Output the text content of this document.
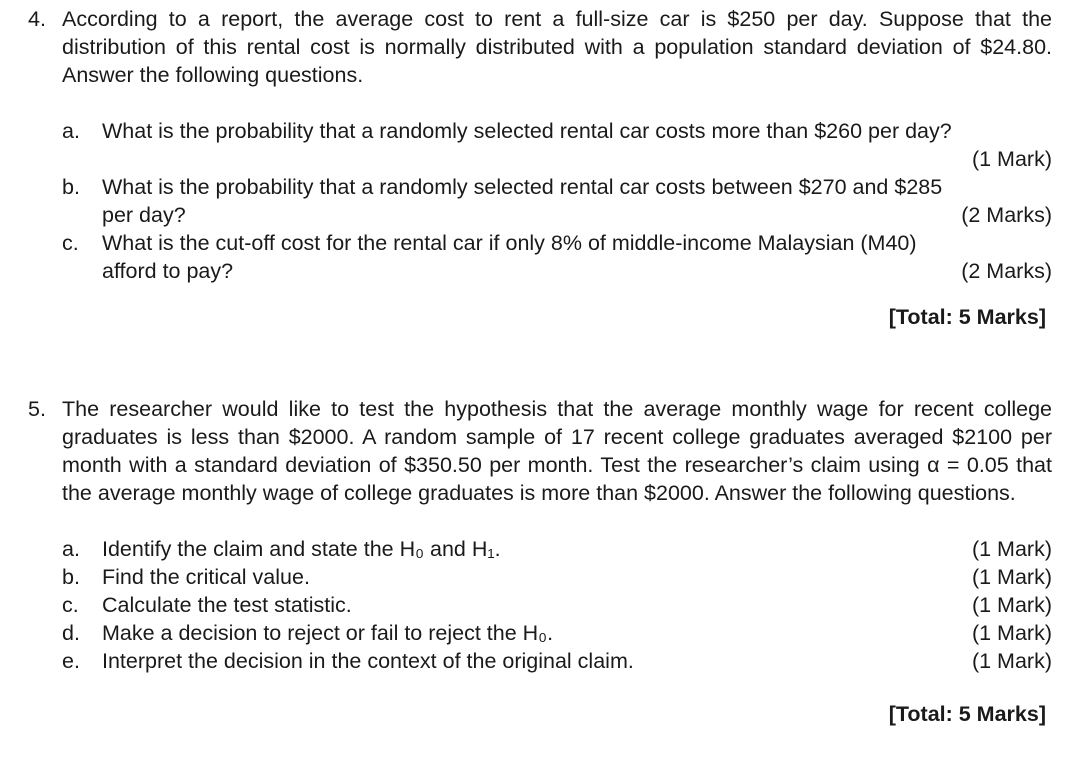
4. According to a report, the average cost to rent a full-size car is $250 per day. Suppose that the distribution of this rental cost is normally distributed with a population standard deviation of $24.80. Answer the following questions.
a.	What is the probability that a randomly selected rental car costs more than $260 per day?
(1 Mark)
b.	What is the probability that a randomly selected rental car costs between $270 and $285
per day?	(2 Marks)
c.	What is the cut-off cost for the rental car if only 8% of middle-income Malaysian (M40)
afford to pay?	(2 Marks)
[Total: 5 Marks]
5. The researcher would like to test the hypothesis that the average monthly wage for recent college graduates is less than $2000. A random sample of 17 recent college graduates averaged $2100 per month with a standard deviation of $350.50 per month. Test the researcher’s claim using α = 0.05 that the average monthly wage of college graduates is more than $2000. Answer the following questions.
a.	Identify the claim and state the H₀ and H₁.	(1 Mark)
b.	Find the critical value.	(1 Mark)
c.	Calculate the test statistic.	(1 Mark)
d.	Make a decision to reject or fail to reject the H₀.	(1 Mark)
e.	Interpret the decision in the context of the original claim.	(1 Mark)
[Total: 5 Marks]
